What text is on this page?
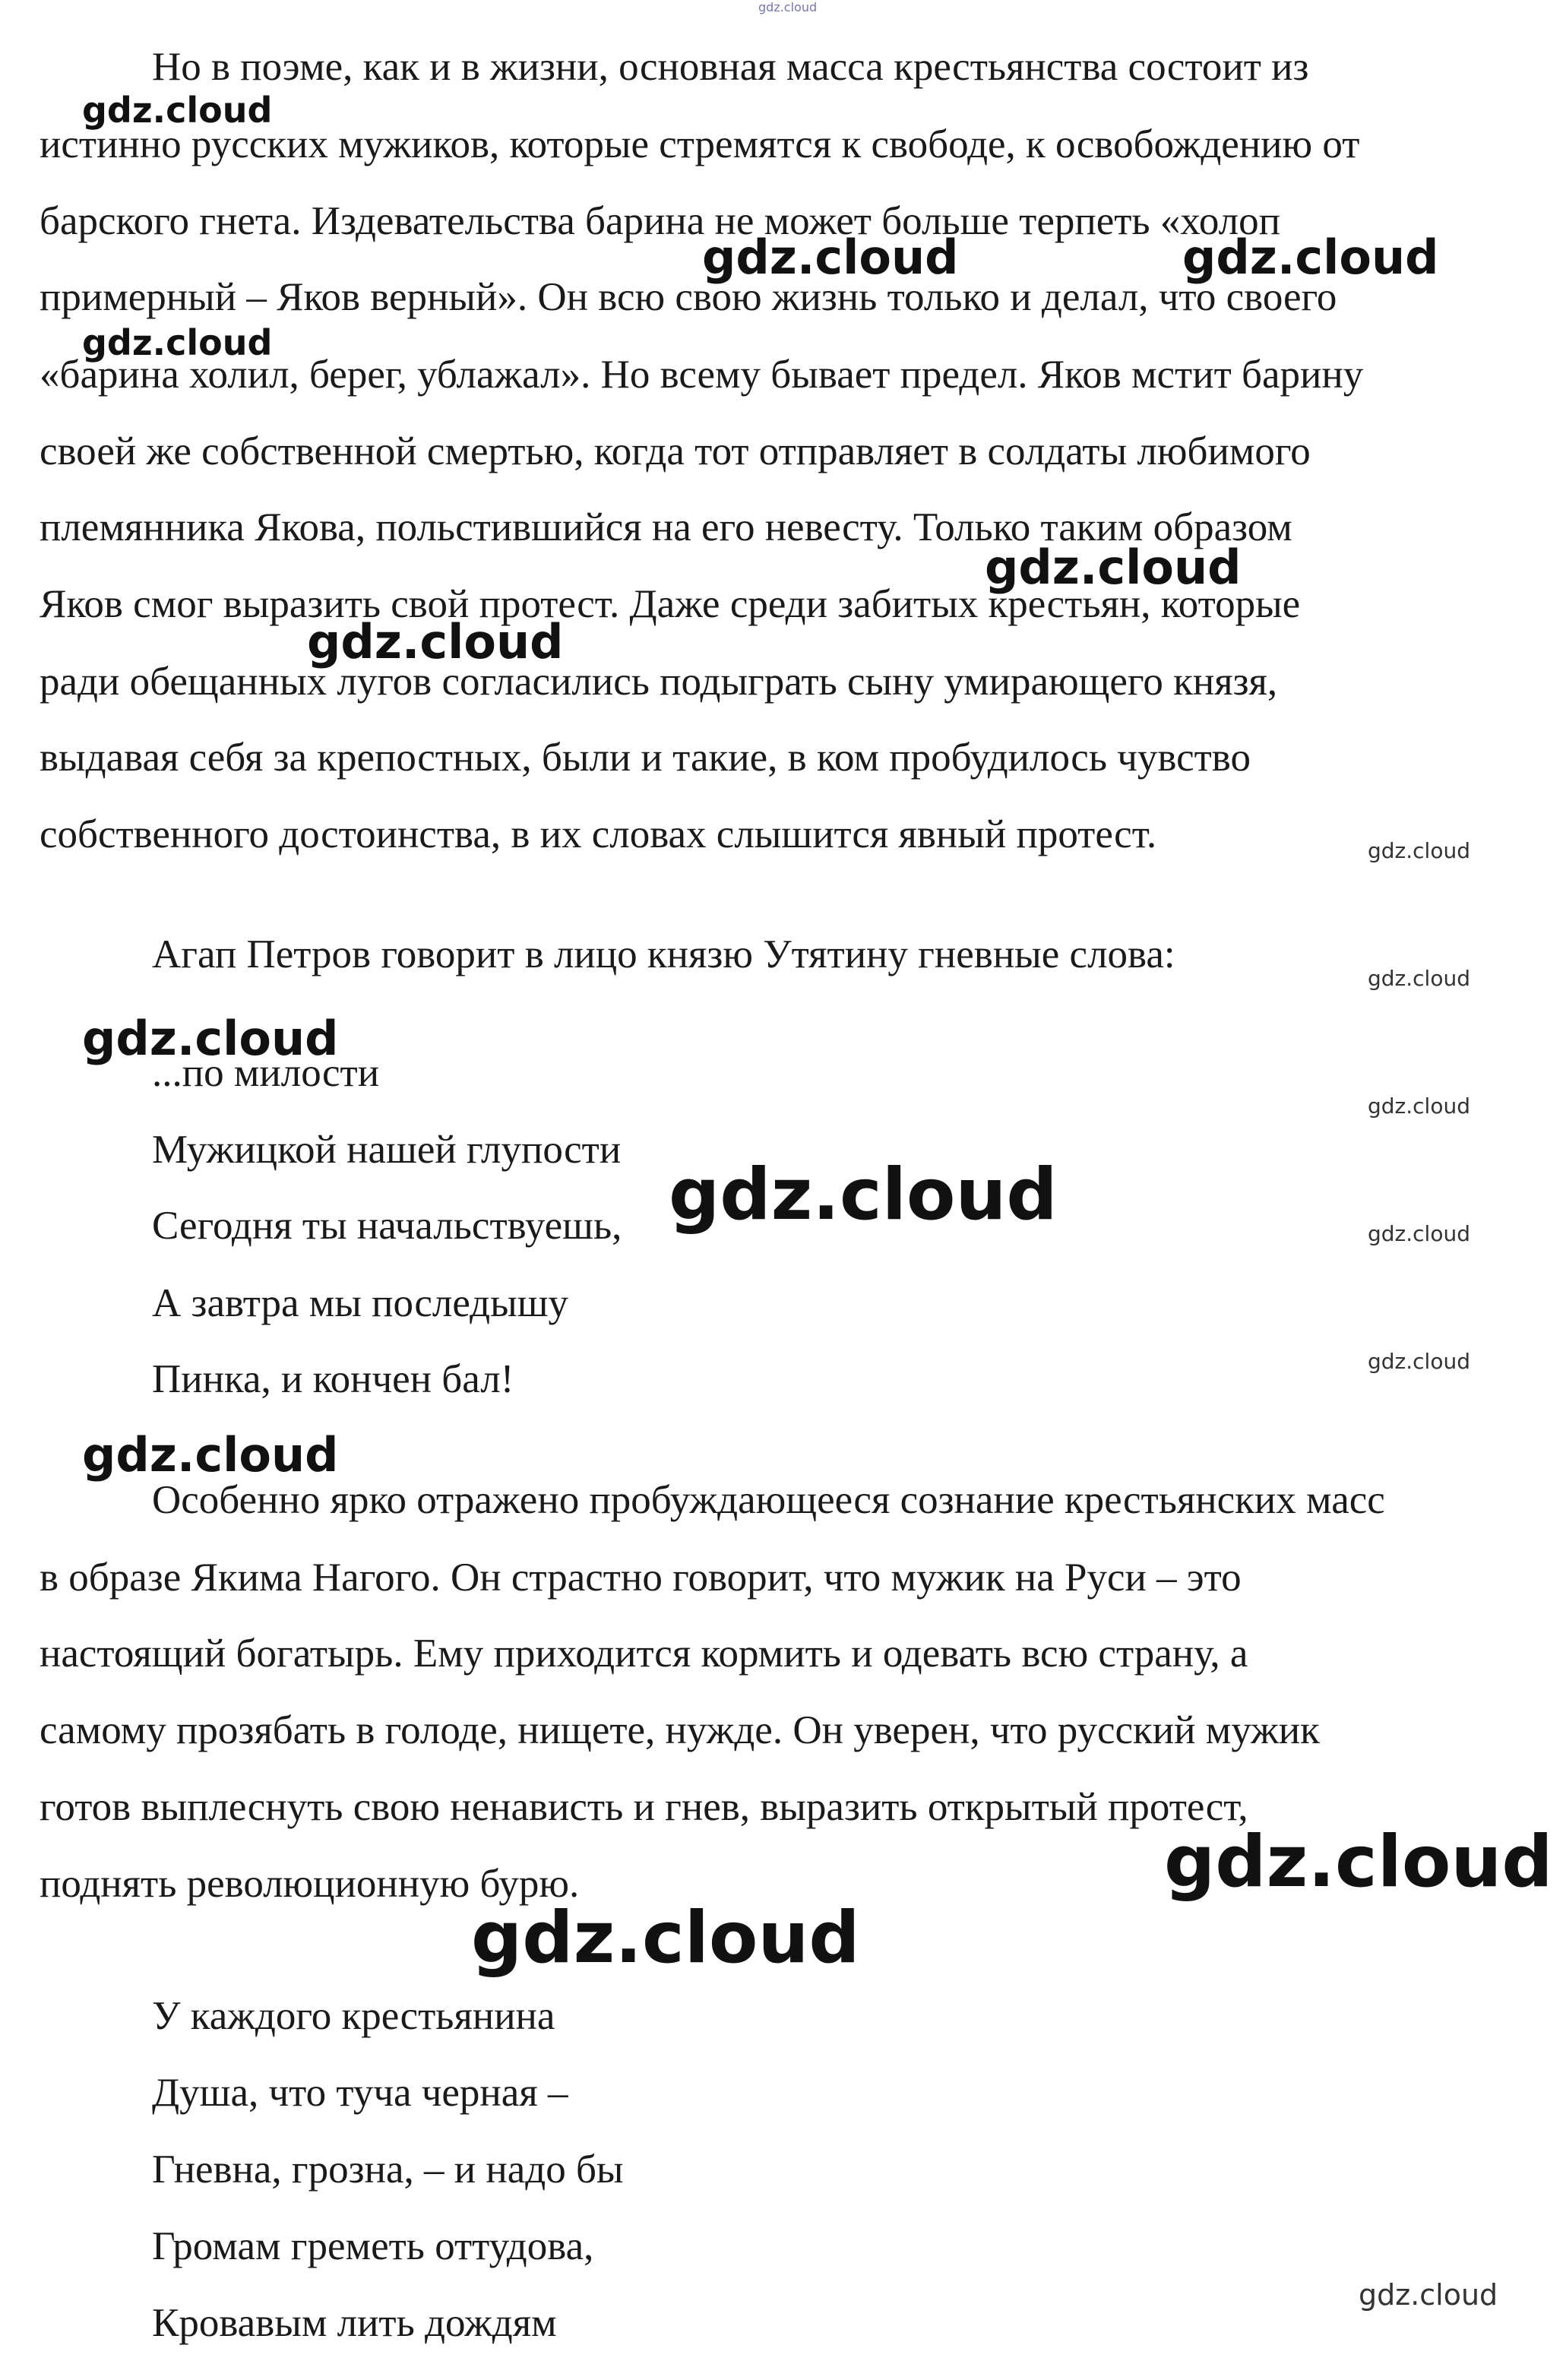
Но в поэме, как и в жизни, основная масса крестьянства состоит из
истинно русских мужиков, которые стремятся к свободе, к освобождению от
барского гнета. Издевательства барина не может больше терпеть «холоп
примерный – Яков верный». Он всю свою жизнь только и делал, что своего
«барина холил, берег, ублажал». Но всему бывает предел. Яков мстит барину
своей же собственной смертью, когда тот отправляет в солдаты любимого
племянника Якова, польстившийся на его невесту. Только таким образом
Яков смог выразить свой протест. Даже среди забитых крестьян, которые
ради обещанных лугов согласились подыграть сыну умирающего князя,
выдавая себя за крепостных, были и такие, в ком пробудилось чувство
собственного достоинства, в их словах слышится явный протест.
Агап Петров говорит в лицо князю Утятину гневные слова:
...по милости
Мужицкой нашей глупости
Сегодня ты начальствуешь,
А завтра мы последышу
Пинка, и кончен бал!
Особенно ярко отражено пробуждающееся сознание крестьянских масс
в образе Якима Нагого. Он страстно говорит, что мужик на Руси – это
настоящий богатырь. Ему приходится кормить и одевать всю страну, а
самому прозябать в голоде, нищете, нужде. Он уверен, что русский мужик
готов выплеснуть свою ненависть и гнев, выразить открытый протест,
поднять революционную бурю.
У каждого крестьянина
Душа, что туча черная –
Гневна, грозна, – и надо бы
Громам греметь оттудова,
Кровавым лить дождям
gdz.cloud
gdz.cloud
gdz.cloud	gdz.cloud
gdz.cloud
gdz.cloud
gdz.cloud
gdz.cloud
gdz.cloud
gdz.cloud
gdz.cloud
gdz.cloud	gdz.cloud
gdz.cloud
gdz.cloud
gdz.cloud
gdz.cloud
gdz.cloud
